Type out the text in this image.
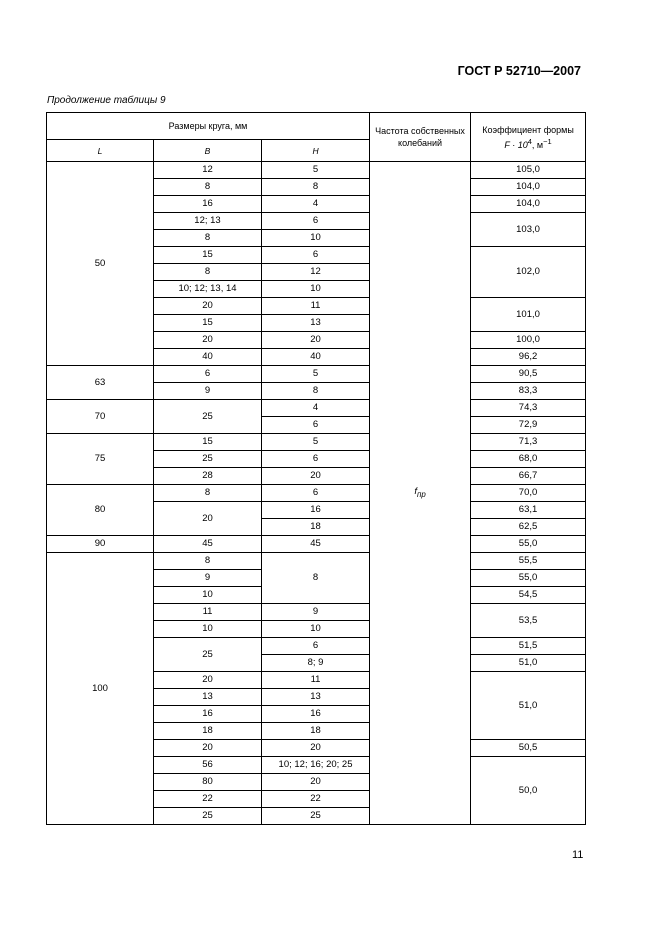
ГОСТ Р 52710—2007
Продолжение таблицы 9
Размеры круга, мм			Частота собственных колебаний	Коэффициент формы
$F \cdot 10^4$, $м^{-1}$
L	B	H		
50	12	5	$f_{пр}$	105,0
	8	8		104,0
	16	4		104,0
	12; 13	6		103,0
	8	10		
	15	6		102,0
	8	12		
	10; 12; 13, 14	10		
	20	11		101,0
	15	13		
	20	20		100,0
	40	40		96,2
63	6	5		90,5
	9	8		83,3
70	25	4		74,3
		6		72,9
75	15	5		71,3
	25	6		68,0
	28	20		66,7
80	8	6		70,0
	20	16		63,1
		18		62,5
90	45	45		55,0
100	8	8		55,5
	9			55,0
	10			54,5
	11	9		53,5
	10	10		
	25	6		51,5
		8; 9		51,0
	20	11		51,0
	13	13		
	16	16		
	18	18		
	20	20		50,5
	56	10; 12; 16; 20; 25		50,0
	80	20		
	22	22		
	25	25		
11
